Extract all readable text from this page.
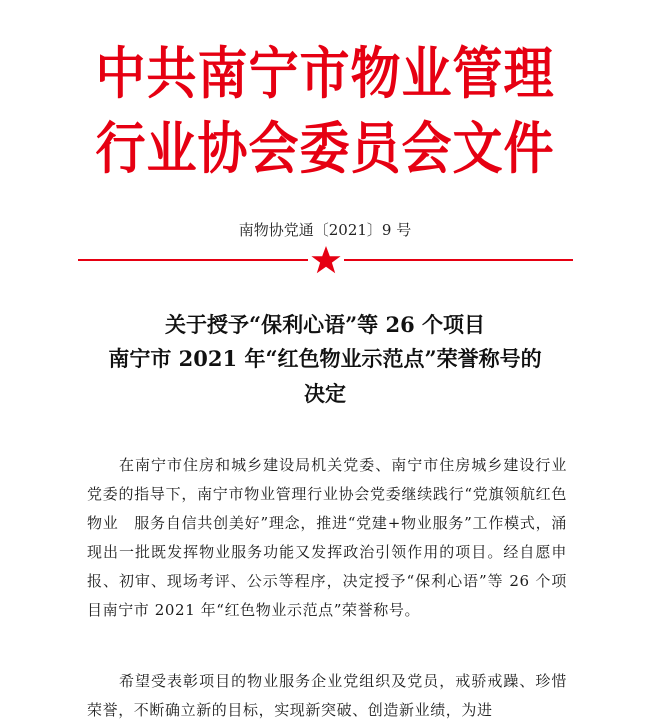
中共南宁市物业管理
行业协会委员会文件
南物协党通〔2021〕9 号
关于授予“保利心语”等 26 个项目
南宁市 2021 年“红色物业示范点”荣誉称号的
决定
在南宁市住房和城乡建设局机关党委、南宁市住房城乡建设行业党委的指导下，南宁市物业管理行业协会党委继续践行“党旗领航红色物业　服务自信共创美好”理念，推进“党建+物业服务”工作模式，涌现出一批既发挥物业服务功能又发挥政治引领作用的项目。经自愿申报、初审、现场考评、公示等程序，决定授予“保利心语”等 26 个项目南宁市 2021 年“红色物业示范点”荣誉称号。
希望受表彰项目的物业服务企业党组织及党员，戒骄戒躁、珍惜荣誉，不断确立新的目标，实现新突破、创造新业绩，为进
